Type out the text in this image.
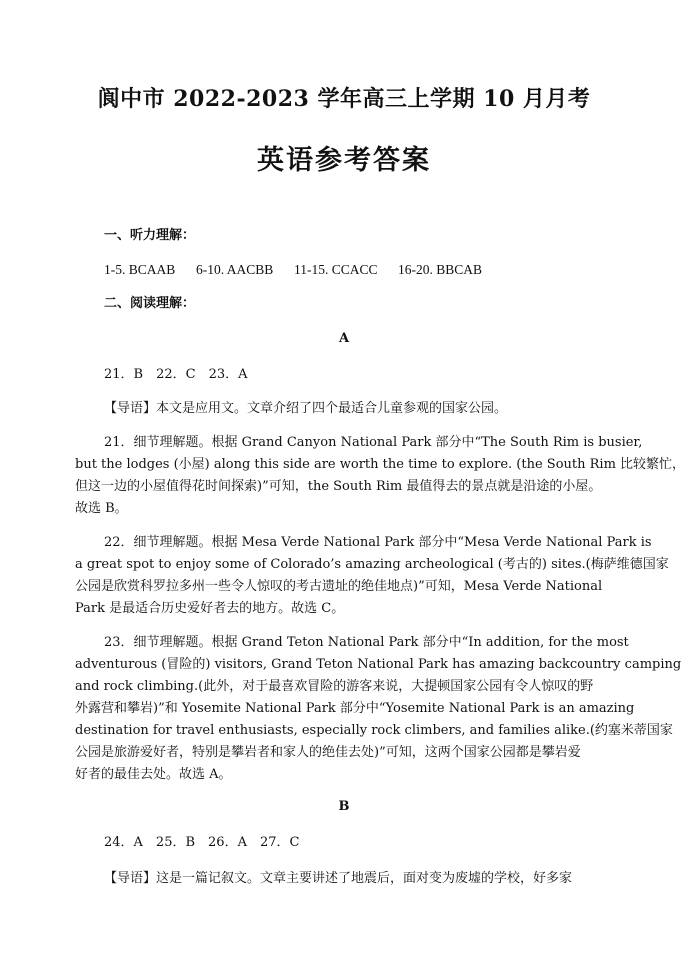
阆中市 2022-2023 学年高三上学期 10 月月考
英语参考答案
一、听力理解：
1-5. BCAAB 6-10. AACBB 11-15. CCACC 16-20. BBCAB
二、阅读理解：
A
21．B　22．C　23．A
【导语】本文是应用文。文章介绍了四个最适合儿童参观的国家公园。
21．细节理解题。根据 Grand Canyon National Park 部分中“The South Rim is busier,
but the lodges (小屋) along this side are worth the time to explore. (the South Rim 比较繁忙，
但这一边的小屋值得花时间探索)”可知，the South Rim 最值得去的景点就是沿途的小屋。
故选 B。
22．细节理解题。根据 Mesa Verde National Park 部分中“Mesa Verde National Park is
a great spot to enjoy some of Colorado’s amazing archeological (考古的) sites.(梅萨维德国家
公园是欣赏科罗拉多州一些令人惊叹的考古遗址的绝佳地点)”可知，Mesa Verde National
Park 是最适合历史爱好者去的地方。故选 C。
23．细节理解题。根据 Grand Teton National Park 部分中“In addition, for the most
adventurous (冒险的) visitors, Grand Teton National Park has amazing backcountry camping
and rock climbing.(此外，对于最喜欢冒险的游客来说，大提顿国家公园有令人惊叹的野
外露营和攀岩)”和 Yosemite National Park 部分中“Yosemite National Park is an amazing
destination for travel enthusiasts, especially rock climbers, and families alike.(约塞米蒂国家
公园是旅游爱好者，特别是攀岩者和家人的绝佳去处)”可知，这两个国家公园都是攀岩爱
好者的最佳去处。故选 A。
B
24．A　25．B　26．A　27．C
【导语】这是一篇记叙文。文章主要讲述了地震后，面对变为废墟的学校，好多家
